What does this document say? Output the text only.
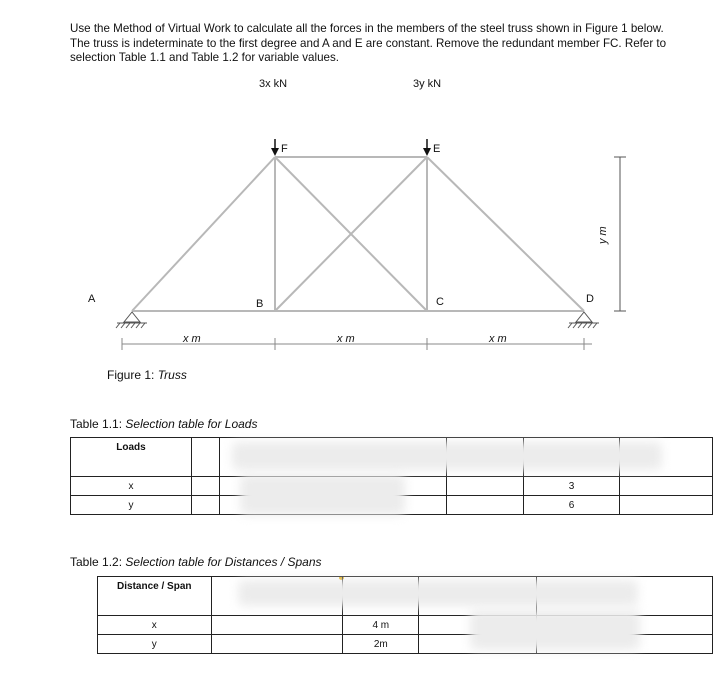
Use the Method of Virtual Work to calculate all the forces in the members of the steel truss shown in Figure 1 below. The truss is indeterminate to the first degree and A and E are constant. Remove the redundant member FC. Refer to selection Table 1.1 and Table 1.2 for variable values.

3x kN	3y kN
A	B	C	D
E
F
x m	x m	x m
y m
Figure 1: Truss
Table 1.1: Selection table for Loads
Loads					
x				3	
y				6	
Table 1.2: Selection table for Distances / Spans
Distance / Span				
x		4 m		
y		2m		
